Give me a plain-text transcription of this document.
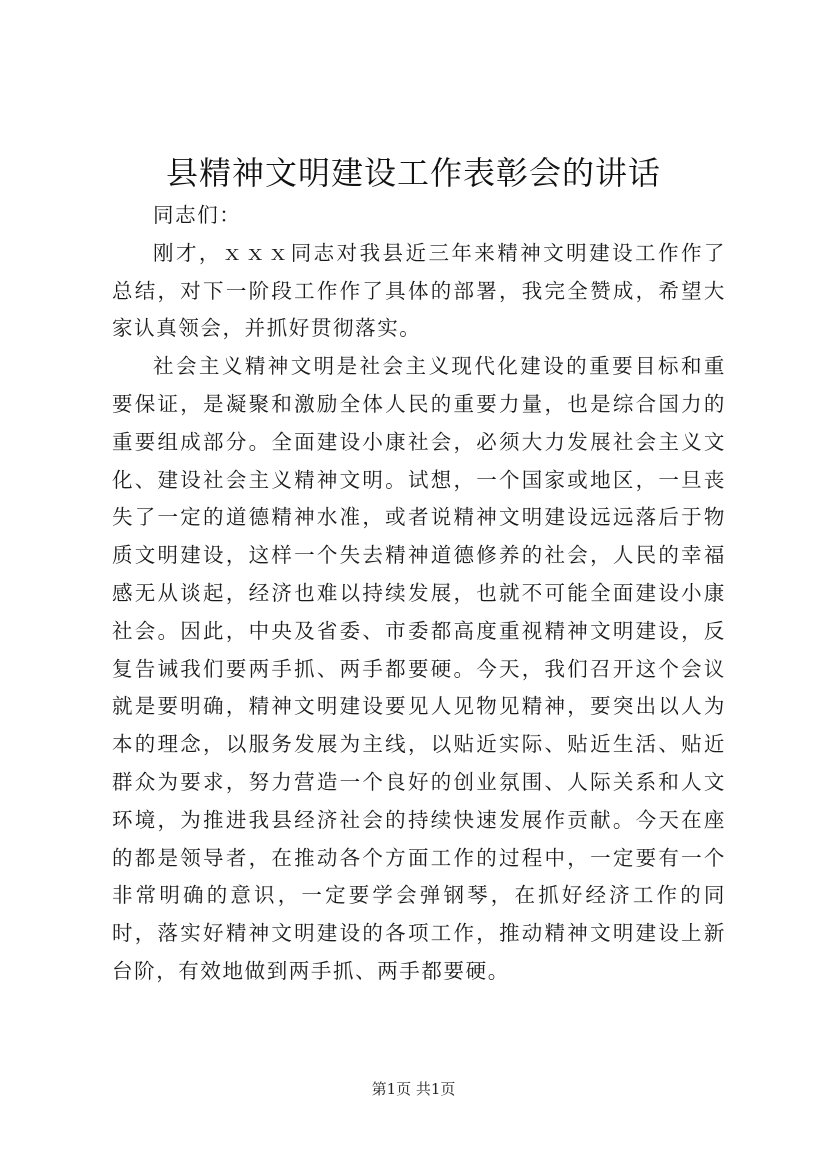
县精神文明建设工作表彰会的讲话

同志们：

刚才，ｘｘｘ同志对我县近三年来精神文明建设工作作了总结，对下一阶段工作作了具体的部署，我完全赞成，希望大家认真领会，并抓好贯彻落实。

社会主义精神文明是社会主义现代化建设的重要目标和重要保证，是凝聚和激励全体人民的重要力量，也是综合国力的重要组成部分。全面建设小康社会，必须大力发展社会主义文化、建设社会主义精神文明。试想，一个国家或地区，一旦丧失了一定的道德精神水准，或者说精神文明建设远远落后于物质文明建设，这样一个失去精神道德修养的社会，人民的幸福感无从谈起，经济也难以持续发展，也就不可能全面建设小康社会。因此，中央及省委、市委都高度重视精神文明建设，反复告诫我们要两手抓、两手都要硬。今天，我们召开这个会议就是要明确，精神文明建设要见人见物见精神，要突出以人为本的理念，以服务发展为主线，以贴近实际、贴近生活、贴近群众为要求，努力营造一个良好的创业氛围、人际关系和人文环境，为推进我县经济社会的持续快速发展作贡献。今天在座的都是领导者，在推动各个方面工作的过程中，一定要有一个非常明确的意识，一定要学会弹钢琴，在抓好经济工作的同时，落实好精神文明建设的各项工作，推动精神文明建设上新台阶，有效地做到两手抓、两手都要硬。

第1页 共1页
